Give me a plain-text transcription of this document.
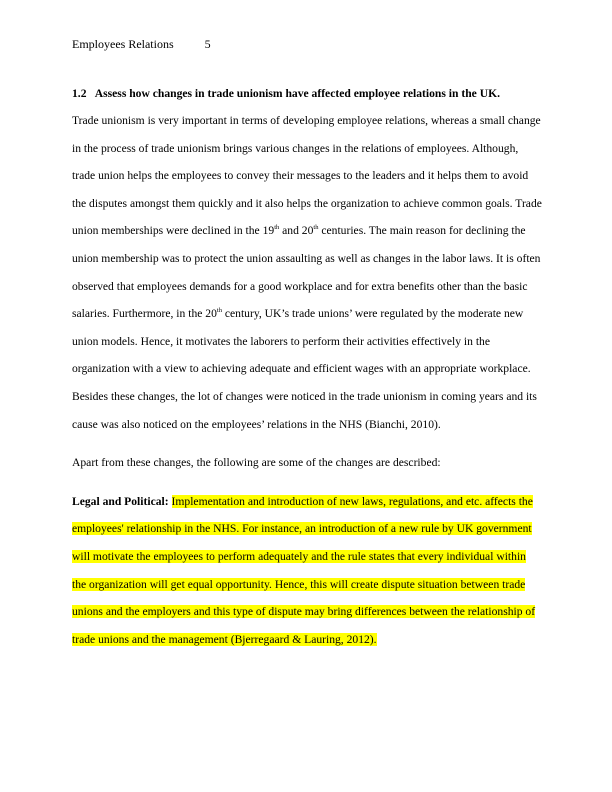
Employees Relations	5

1.2 Assess how changes in trade unionism have affected employee relations in the UK.

Trade unionism is very important in terms of developing employee relations, whereas a small change in the process of trade unionism brings various changes in the relations of employees. Although, trade union helps the employees to convey their messages to the leaders and it helps them to avoid the disputes amongst them quickly and it also helps the organization to achieve common goals. Trade union memberships were declined in the 19th and 20th centuries. The main reason for declining the union membership was to protect the union assaulting as well as changes in the labor laws. It is often observed that employees demands for a good workplace and for extra benefits other than the basic salaries. Furthermore, in the 20th century, UK’s trade unions’ were regulated by the moderate new union models. Hence, it motivates the laborers to perform their activities effectively in the organization with a view to achieving adequate and efficient wages with an appropriate workplace. Besides these changes, the lot of changes were noticed in the trade unionism in coming years and its cause was also noticed on the employees’ relations in the NHS (Bianchi, 2010).

Apart from these changes, the following are some of the changes are described:

Legal and Political: Implementation and introduction of new laws, regulations, and etc. affects the employees' relationship in the NHS. For instance, an introduction of a new rule by UK government will motivate the employees to perform adequately and the rule states that every individual within the organization will get equal opportunity. Hence, this will create dispute situation between trade unions and the employers and this type of dispute may bring differences between the relationship of trade unions and the management (Bjerregaard & Lauring, 2012).
